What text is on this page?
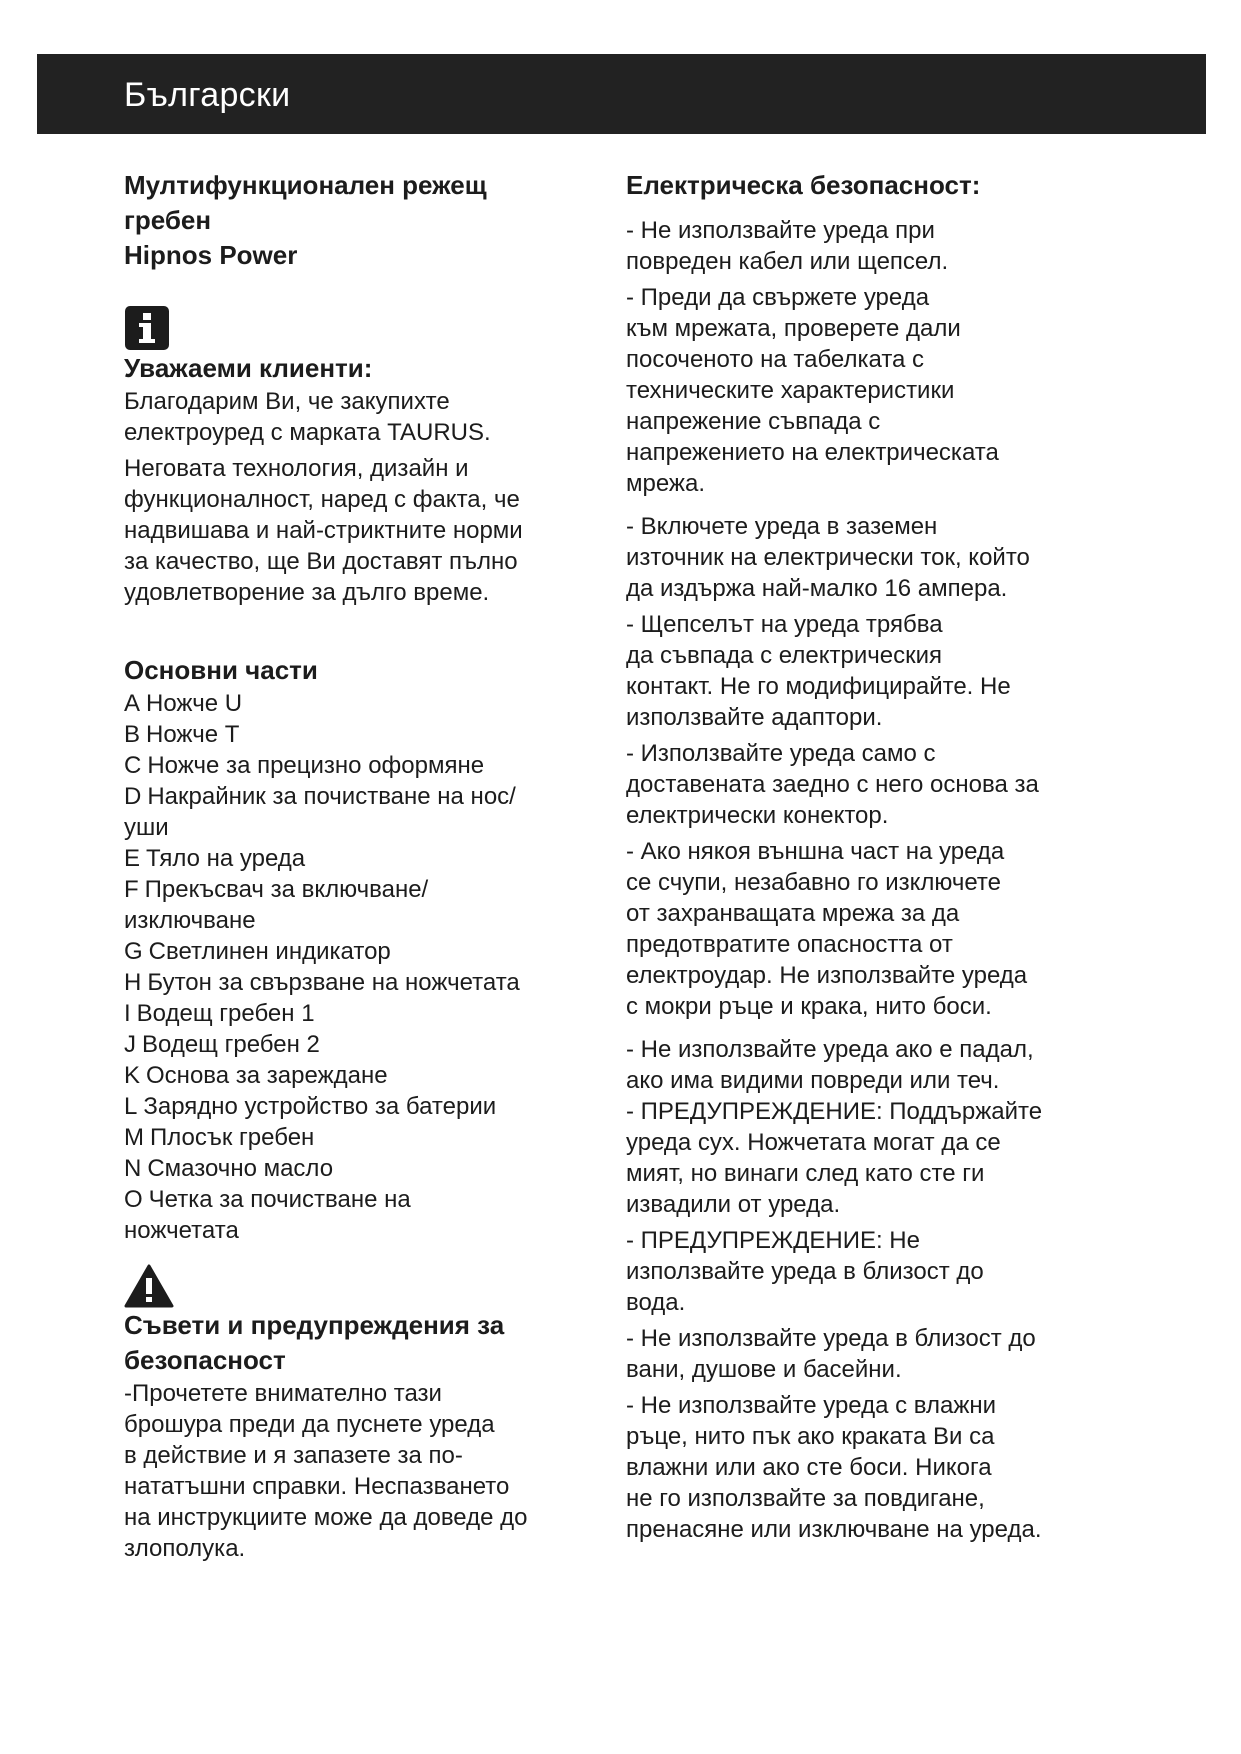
Български

Мултифункционален режещ

гребен

Hipnos Power

Уважаеми клиенти:

Благодарим Ви, че закупихте

електроуред с марката TAURUS.

Неговата технология, дизайн и

функционалност, наред с факта, че

надвишава и най-стриктните норми

за качество, ще Ви доставят пълно

удовлетворение за дълго време.

Основни части

A Ножче U

B Ножче T

C Ножче за прецизно оформяне

D Накрайник за почистване на нос/

уши

E Тяло на уреда

F Прекъсвач за включване/

изключване

G Светлинен индикатор

H Бутон за свързване на ножчетата

I Водещ гребен 1

J Водещ гребен 2

K Основа за зареждане

L Зарядно устройство за батерии

M Плосък гребен

N Смазочно масло

O Четка за почистване на

ножчетата

Съвети и предупреждения за

безопасност

-Прочетете внимателно тази

брошура преди да пуснете уреда

в действие и я запазете за по-

нататъшни справки. Неспазването

на инструкциите може да доведе до

злополука.

Електрическа безопасност:

- Не използвайте уреда при

повреден кабел или щепсел.

- Преди да свържете уреда

към мрежата, проверете дали

посоченото на табелката с

техническите характеристики

напрежение съвпада с

напрежението на електрическата

мрежа.

- Включете уреда в заземен

източник на електрически ток, който

да издържа най-малко 16 ампера.

- Щепселът на уреда трябва

да съвпада с електрическия

контакт. Не го модифицирайте. Не

използвайте адаптори.

- Използвайте уреда само с

доставената заедно с него основа за

електрически конектор.

- Ако някоя външна част на уреда

се счупи, незабавно го изключете

от захранващата мрежа за да

предотвратите опасността от

електроудар. Не използвайте уреда

с мокри ръце и крака, нито боси.

- Не използвайте уреда ако е падал,

ако има видими повреди или теч.

- ПРЕДУПРЕЖДЕНИЕ: Поддържайте

уреда сух. Ножчетата могат да се

мият, но винаги след като сте ги

извадили от уреда.

- ПРЕДУПРЕЖДЕНИЕ: Не

използвайте уреда в близост до

вода.

- Не използвайте уреда в близост до

вани, душове и басейни.

- Не използвайте уреда с влажни

ръце, нито пък ако краката Ви са

влажни или ако сте боси. Никога

не го използвайте за повдигане,

пренасяне или изключване на уреда.
